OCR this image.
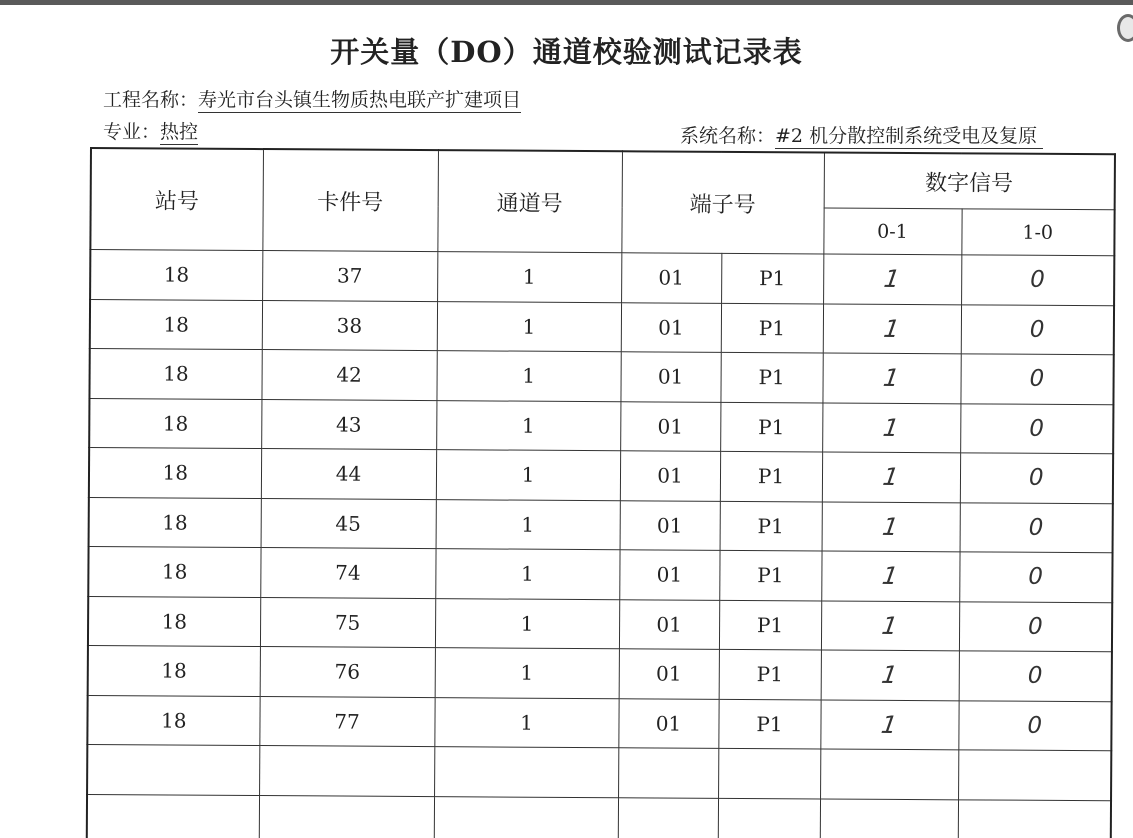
开关量（DO）通道校验测试记录表
工程名称：寿光市台头镇生物质热电联产扩建项目
专业：热控	系统名称：#2 机分散控制系统受电及复原
站号	卡件号	通道号	端子号		数字信号	
					0-1	1-0
18	37	1	01	P1	1	0
18	38	1	01	P1	1	0
18	42	1	01	P1	1	0
18	43	1	01	P1	1	0
18	44	1	01	P1	1	0
18	45	1	01	P1	1	0
18	74	1	01	P1	1	0
18	75	1	01	P1	1	0
18	76	1	01	P1	1	0
18	77	1	01	P1	1	0
